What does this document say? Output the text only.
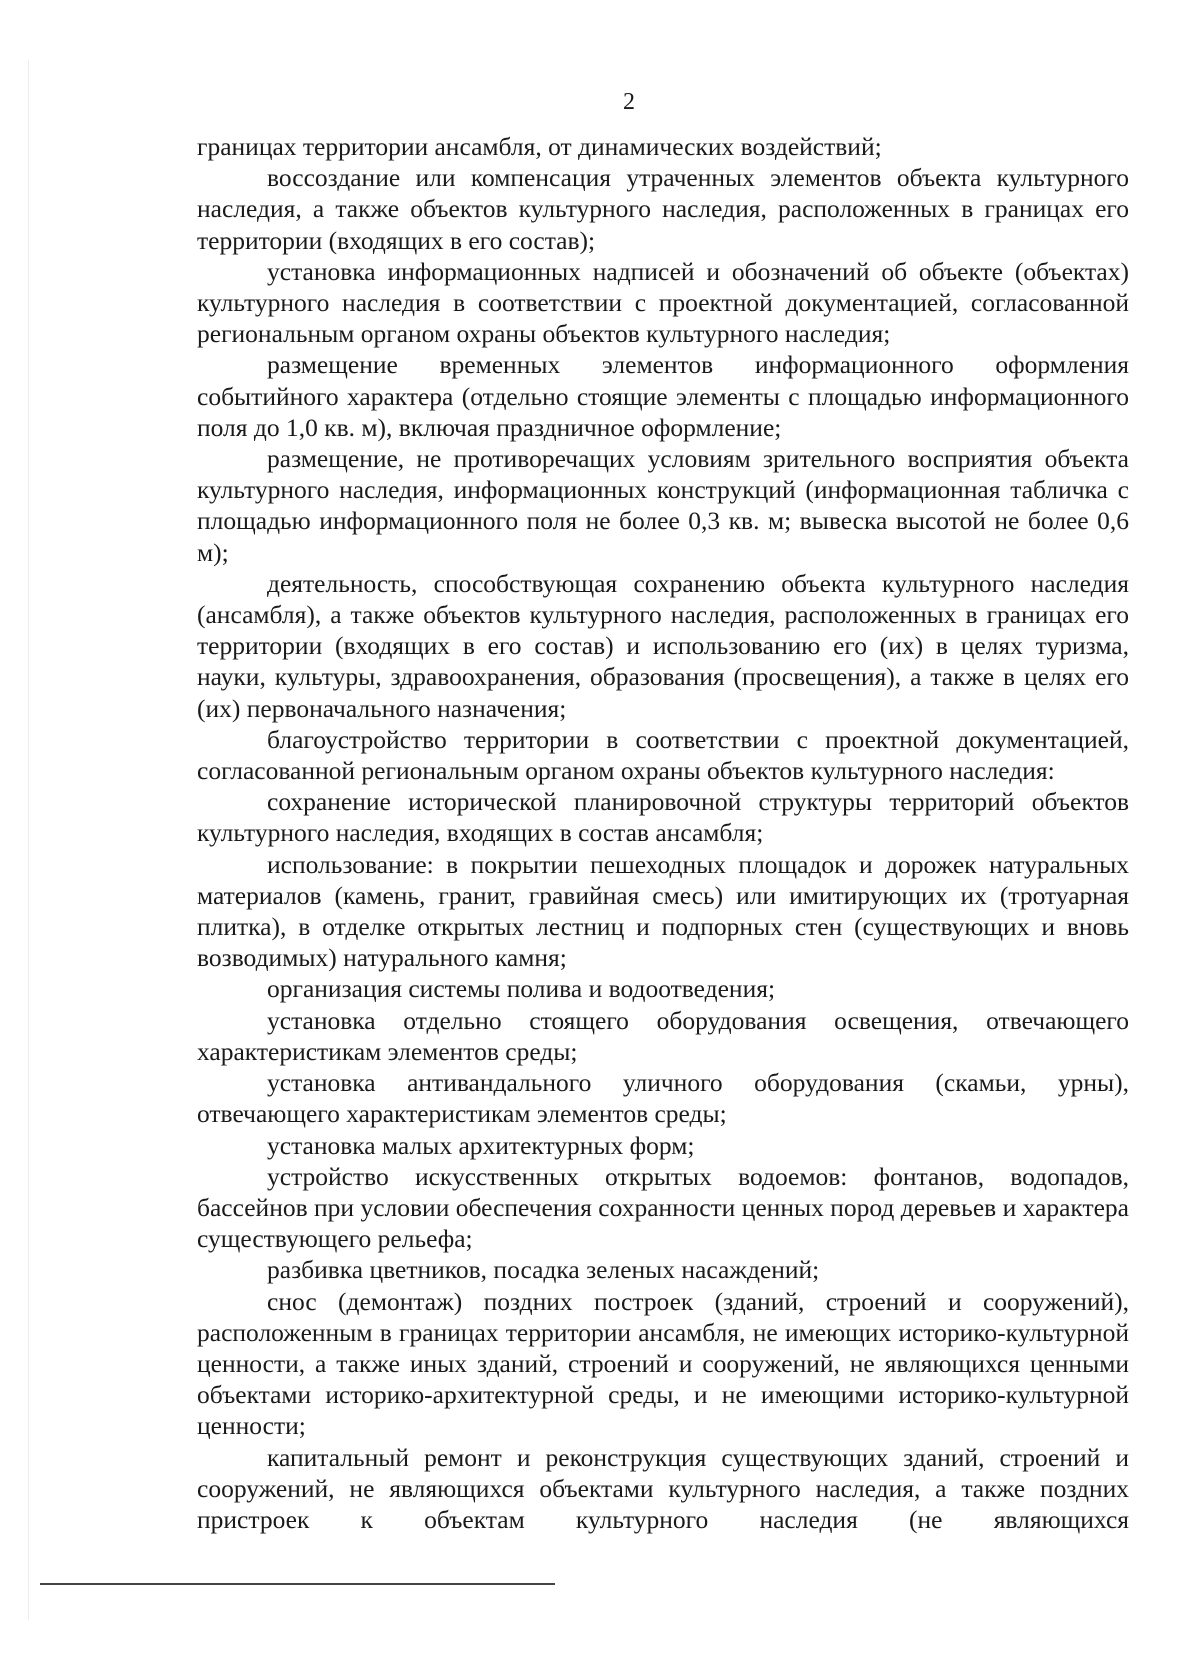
2

границах территории ансамбля, от динамических воздействий;

воссоздание или компенсация утраченных элементов объекта культурного наследия, а также объектов культурного наследия, расположенных в границах его территории (входящих в его состав);

установка информационных надписей и обозначений об объекте (объектах) культурного наследия в соответствии с проектной документацией, согласованной региональным органом охраны объектов культурного наследия;

размещение временных элементов информационного оформления событийного характера (отдельно стоящие элементы с площадью информационного поля до 1,0 кв. м), включая праздничное оформление;

размещение, не противоречащих условиям зрительного восприятия объекта культурного наследия, информационных конструкций (информационная табличка с площадью информационного поля не более 0,3 кв. м; вывеска высотой не более 0,6 м);

деятельность, способствующая сохранению объекта культурного наследия (ансамбля), а также объектов культурного наследия, расположенных в границах его территории (входящих в его состав) и использованию его (их) в целях туризма, науки, культуры, здравоохранения, образования (просвещения), а также в целях его (их) первоначального назначения;

благоустройство территории в соответствии с проектной документацией, согласованной региональным органом охраны объектов культурного наследия:

сохранение исторической планировочной структуры территорий объектов культурного наследия, входящих в состав ансамбля;

использование: в покрытии пешеходных площадок и дорожек натуральных материалов (камень, гранит, гравийная смесь) или имитирующих их (тротуарная плитка), в отделке открытых лестниц и подпорных стен (существующих и вновь возводимых) натурального камня;

организация системы полива и водоотведения;

установка отдельно стоящего оборудования освещения, отвечающего характеристикам элементов среды;

установка антивандального уличного оборудования (скамьи, урны), отвечающего характеристикам элементов среды;

установка малых архитектурных форм;

устройство искусственных открытых водоемов: фонтанов, водопадов, бассейнов при условии обеспечения сохранности ценных пород деревьев и характера существующего рельефа;

разбивка цветников, посадка зеленых насаждений;

снос (демонтаж) поздних построек (зданий, строений и сооружений), расположенным в границах территории ансамбля, не имеющих историко-культурной ценности, а также иных зданий, строений и сооружений, не являющихся ценными объектами историко-архитектурной среды, и не имеющими историко-культурной ценности;

капитальный ремонт и реконструкция существующих зданий, строений и сооружений, не являющихся объектами культурного наследия, а также поздних пристроек к объектам культурного наследия (не являющихся
